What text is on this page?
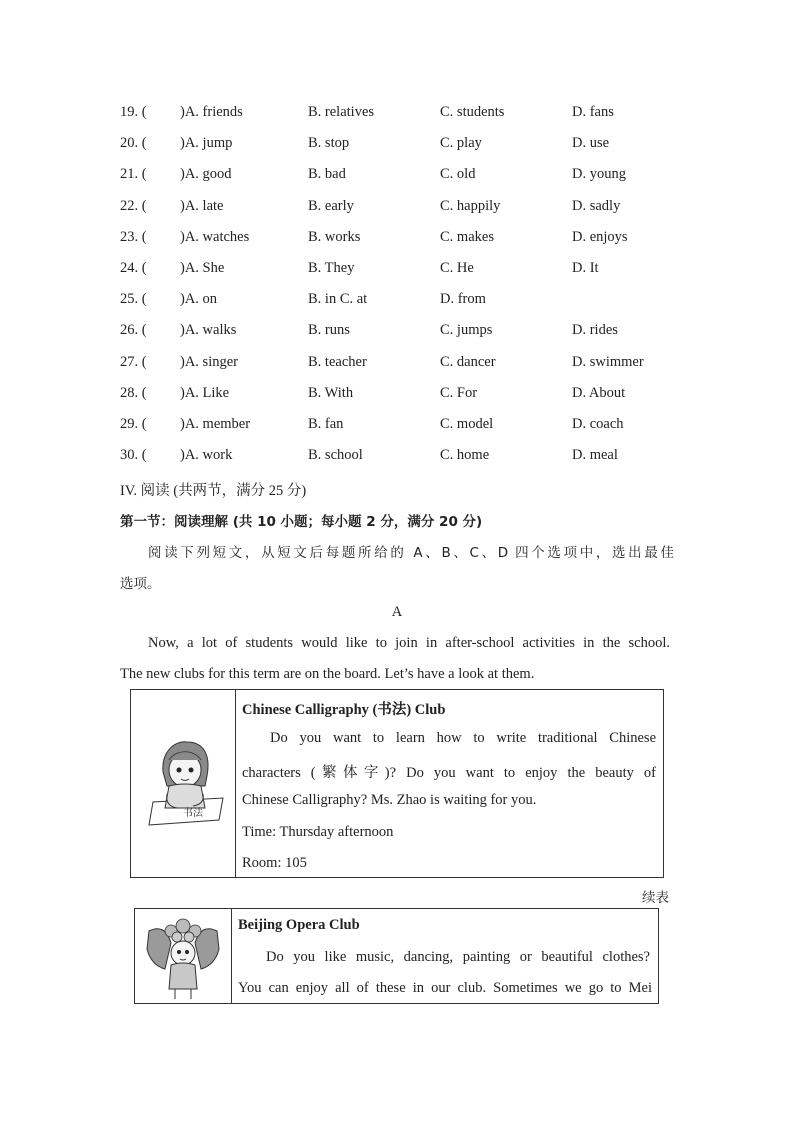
19. ( )A. friends	B. relatives	C. students	D. fans
20. ( )A. jump	B. stop	C. play	D. use
21. ( )A. good	B. bad	C. old	D. young
22. ( )A. late	B. early	C. happily	D. sadly
23. ( )A. watches	B. works	C. makes	D. enjoys
24. ( )A. She	B. They	C. He	D. It
25. ( )A. on	B. in C. at	D. from
26. ( )A. walks	B. runs	C. jumps	D. rides
27. ( )A. singer	B. teacher	C. dancer	D. swimmer
28. ( )A. Like	B. With	C. For	D. About
29. ( )A. member	B. fan	C. model	D. coach
30. ( )A. work	B. school	C. home	D. meal
IV. 阅读 (共两节，满分 25 分)
第一节：阅读理解 (共 10 小题；每小题 2 分，满分 20 分)
阅读下列短文，从短文后每题所给的 A、B、C、D 四个选项中，选出最佳
选项。
A
Now, a lot of students would like to join in after-school activities in the school.
The new clubs for this term are on the board. Let’s have a look at them.
书法
Chinese Calligraphy (书法) Club
Do you want to learn how to write traditional Chinese
characters (繁体字)? Do you want to enjoy the beauty of
Chinese Calligraphy? Ms. Zhao is waiting for you.
Time: Thursday afternoon
Room: 105
续表
Beijing Opera Club
Do you like music, dancing, painting or beautiful clothes?
You can enjoy all of these in our club. Sometimes we go to Mei
